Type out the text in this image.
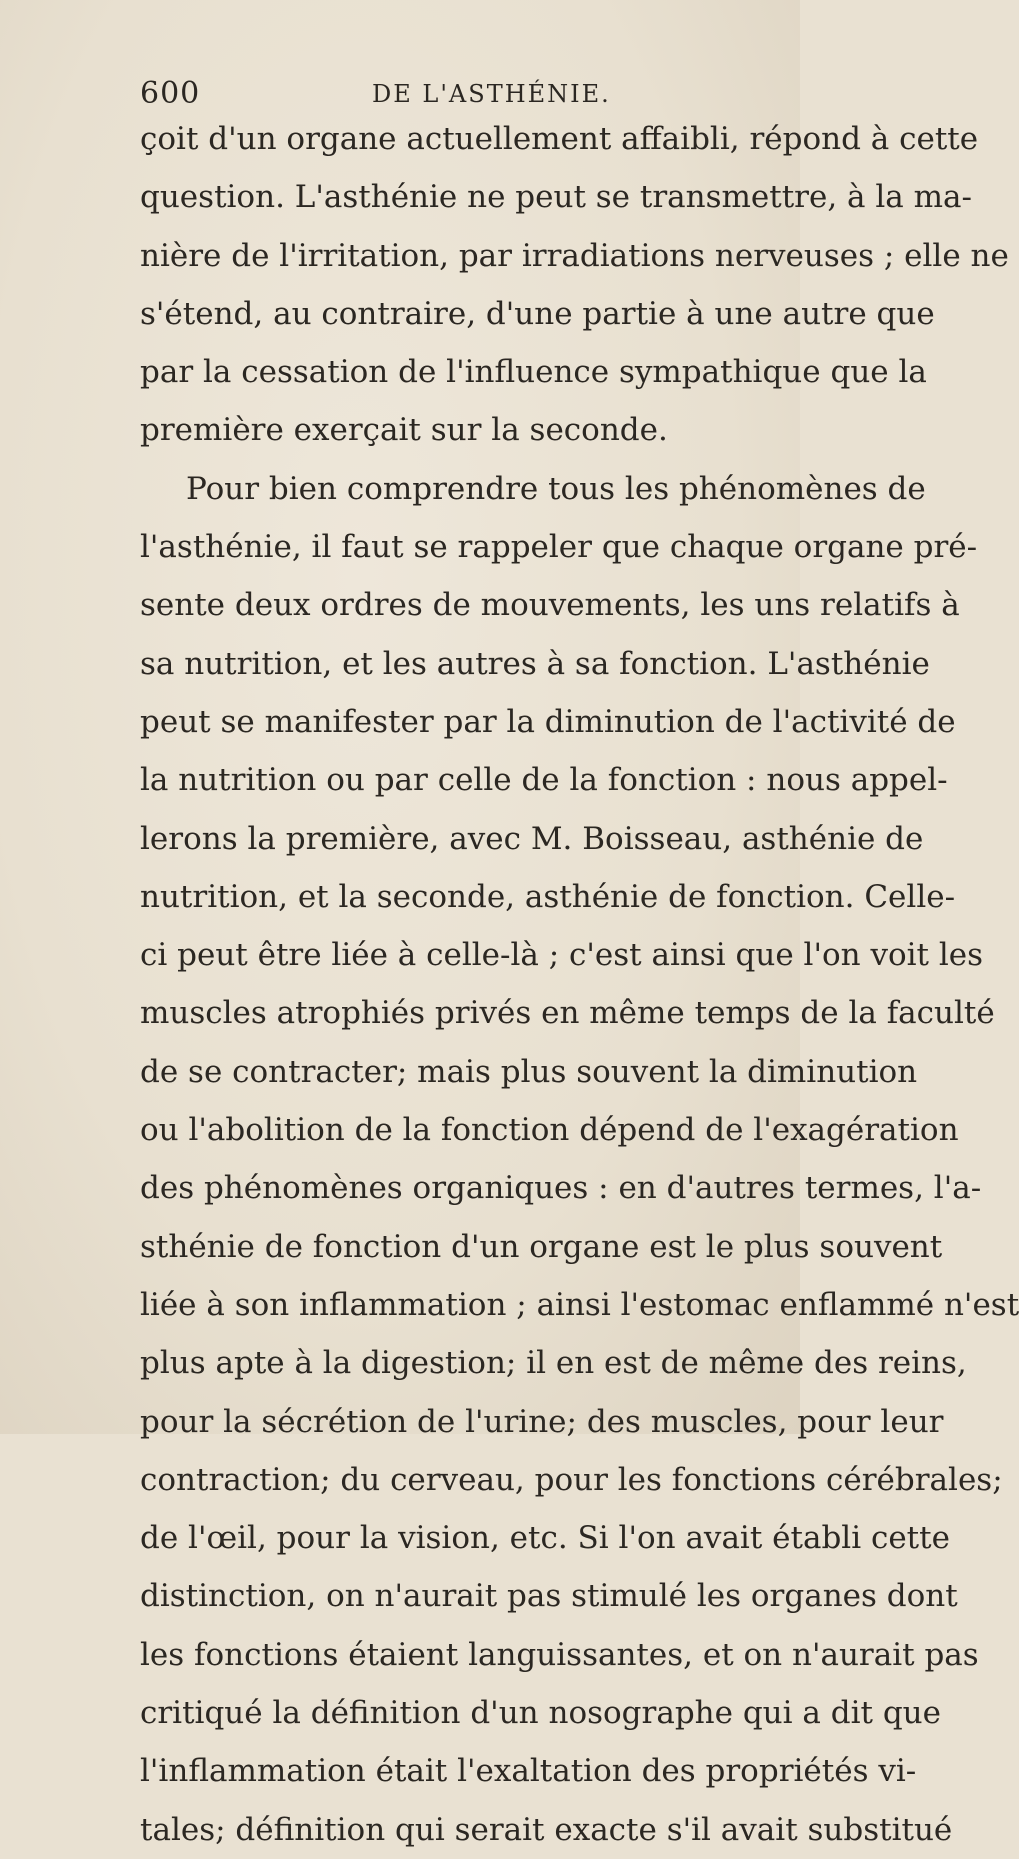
600	DE L'ASTHÉNIE.
çoit d'un organe actuellement affaibli, répond à cette
question. L'asthénie ne peut se transmettre, à la ma-
nière de l'irritation, par irradiations nerveuses ; elle ne
s'étend, au contraire, d'une partie à une autre que
par la cessation de l'influence sympathique que la
première exerçait sur la seconde.
Pour bien comprendre tous les phénomènes de
l'asthénie, il faut se rappeler que chaque organe pré-
sente deux ordres de mouvements, les uns relatifs à
sa nutrition, et les autres à sa fonction. L'asthénie
peut se manifester par la diminution de l'activité de
la nutrition ou par celle de la fonction : nous appel-
lerons la première, avec M. Boisseau, asthénie de
nutrition, et la seconde, asthénie de fonction. Celle-
ci peut être liée à celle-là ; c'est ainsi que l'on voit les
muscles atrophiés privés en même temps de la faculté
de se contracter; mais plus souvent la diminution
ou l'abolition de la fonction dépend de l'exagération
des phénomènes organiques : en d'autres termes, l'a-
sthénie de fonction d'un organe est le plus souvent
liée à son inflammation ; ainsi l'estomac enflammé n'est
plus apte à la digestion; il en est de même des reins,
pour la sécrétion de l'urine; des muscles, pour leur
contraction; du cerveau, pour les fonctions cérébrales;
de l'œil, pour la vision, etc. Si l'on avait établi cette
distinction, on n'aurait pas stimulé les organes dont
les fonctions étaient languissantes, et on n'aurait pas
critiqué la définition d'un nosographe qui a dit que
l'inflammation était l'exaltation des propriétés vi-
tales; définition qui serait exacte s'il avait substitué
